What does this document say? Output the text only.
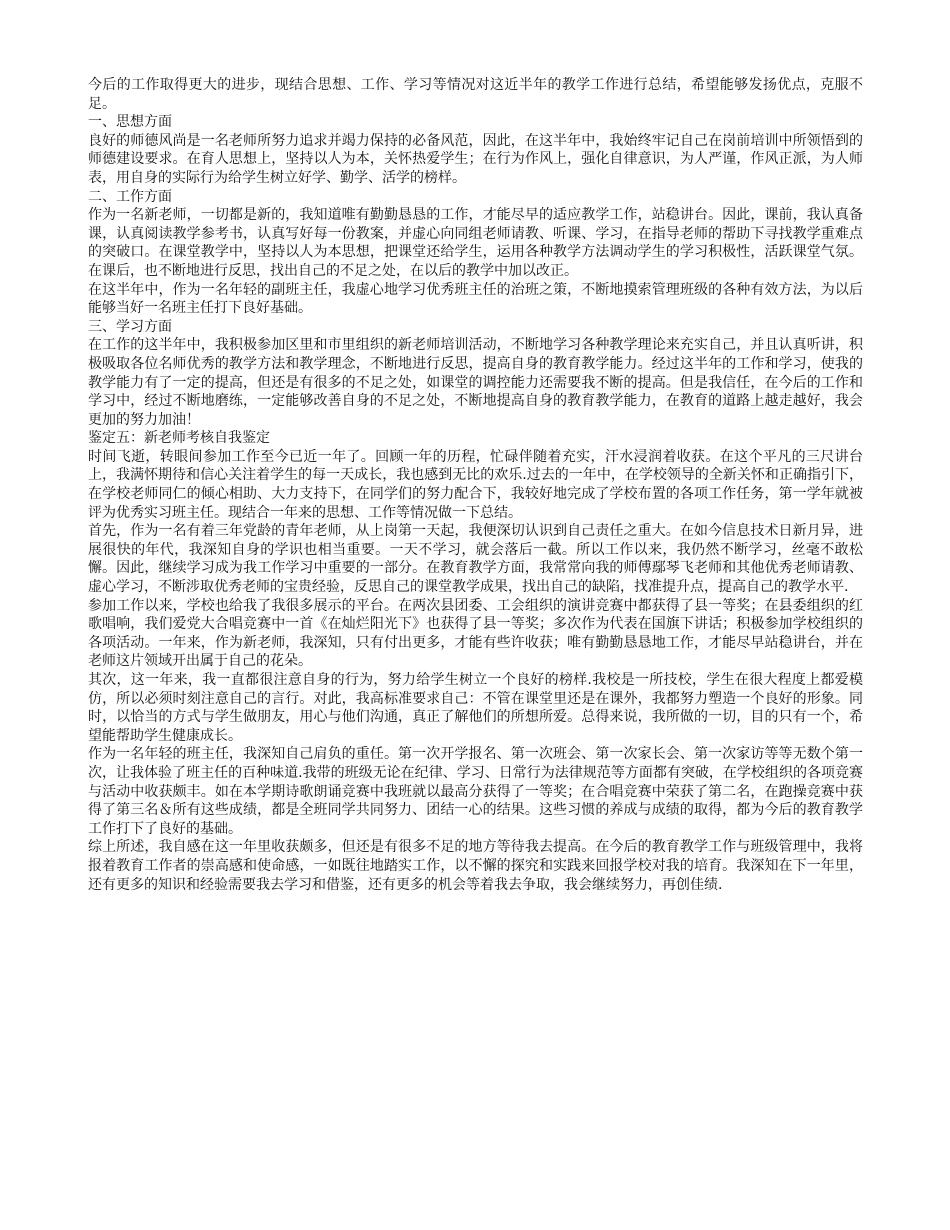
今后的工作取得更大的进步，现结合思想、工作、学习等情况对这近半年的教学工作进行总结，希望能够发扬优点，克服不足。

一、思想方面

良好的师德风尚是一名老师所努力追求并竭力保持的必备风范，因此，在这半年中，我始终牢记自己在岗前培训中所领悟到的师德建设要求。在育人思想上，坚持以人为本，关怀热爱学生；在行为作风上，强化自律意识，为人严谨，作风正派，为人师表，用自身的实际行为给学生树立好学、勤学、活学的榜样。

二、工作方面

作为一名新老师，一切都是新的，我知道唯有勤勤恳恳的工作，才能尽早的适应教学工作，站稳讲台。因此，课前，我认真备课，认真阅读教学参考书，认真写好每一份教案，并虚心向同组老师请教、听课、学习，在指导老师的帮助下寻找教学重难点的突破口。在课堂教学中，坚持以人为本思想，把课堂还给学生，运用各种教学方法调动学生的学习积极性，活跃课堂气氛。在课后，也不断地进行反思，找出自己的不足之处，在以后的教学中加以改正。

在这半年中，作为一名年轻的副班主任，我虚心地学习优秀班主任的治班之策，不断地摸索管理班级的各种有效方法，为以后能够当好一名班主任打下良好基础。

三、学习方面

在工作的这半年中，我积极参加区里和市里组织的新老师培训活动，不断地学习各种教学理论来充实自己，并且认真听讲，积极吸取各位名师优秀的教学方法和教学理念，不断地进行反思，提高自身的教育教学能力。经过这半年的工作和学习，使我的教学能力有了一定的提高，但还是有很多的不足之处，如课堂的调控能力还需要我不断的提高。但是我信任，在今后的工作和学习中，经过不断地磨练，一定能够改善自身的不足之处，不断地提高自身的教育教学能力，在教育的道路上越走越好，我会更加的努力加油！

鉴定五：新老师考核自我鉴定

时间飞逝，转眼间参加工作至今已近一年了。回顾一年的历程，忙碌伴随着充实，汗水浸润着收获。在这个平凡的三尺讲台上，我满怀期待和信心关注着学生的每一天成长，我也感到无比的欢乐.过去的一年中，在学校领导的全新关怀和正确指引下，在学校老师同仁的倾心相助、大力支持下，在同学们的努力配合下，我较好地完成了学校布置的各项工作任务，第一学年就被评为优秀实习班主任。现结合一年来的思想、工作等情况做一下总结。

首先，作为一名有着三年党龄的青年老师，从上岗第一天起，我便深切认识到自己责任之重大。在如今信息技术日新月异，进展很快的年代，我深知自身的学识也相当重要。一天不学习，就会落后一截。所以工作以来，我仍然不断学习，丝毫不敢松懈。因此，继续学习成为我工作学习中重要的一部分。在教育教学方面，我常常向我的师傅鄢琴飞老师和其他优秀老师请教、虚心学习，不断涉取优秀老师的宝贵经验，反思自己的课堂教学成果，找出自己的缺陷，找准提升点，提高自己的教学水平.

参加工作以来，学校也给我了我很多展示的平台。在两次县团委、工会组织的演讲竞赛中都获得了县一等奖；在县委组织的红歌唱响，我们爱党大合唱竞赛中一首《在灿烂阳光下》也获得了县一等奖；多次作为代表在国旗下讲话；积极参加学校组织的各项活动。一年来，作为新老师，我深知，只有付出更多，才能有些许收获；唯有勤勤恳恳地工作，才能尽早站稳讲台，并在老师这片领域开出属于自己的花朵。

其次，这一年来，我一直都很注意自身的行为，努力给学生树立一个良好的榜样.我校是一所技校，学生在很大程度上都爱模仿，所以必须时刻注意自己的言行。对此，我高标准要求自己：不管在课堂里还是在课外，我都努力塑造一个良好的形象。同时，以恰当的方式与学生做朋友，用心与他们沟通，真正了解他们的所想所爱。总得来说，我所做的一切，目的只有一个，希望能帮助学生健康成长。

作为一名年轻的班主任，我深知自己肩负的重任。第一次开学报名、第一次班会、第一次家长会、第一次家访等等无数个第一次，让我体验了班主任的百种味道.我带的班级无论在纪律、学习、日常行为法律规范等方面都有突破，在学校组织的各项竞赛与活动中收获颇丰。如在本学期诗歌朗诵竞赛中我班就以最高分获得了一等奖；在合唱竞赛中荣获了第二名，在跑操竞赛中获得了第三名＆所有这些成绩，都是全班同学共同努力、团结一心的结果。这些习惯的养成与成绩的取得，都为今后的教育教学工作打下了良好的基础。

综上所述，我自感在这一年里收获颇多，但还是有很多不足的地方等待我去提高。在今后的教育教学工作与班级管理中，我将报着教育工作者的崇高感和使命感，一如既往地踏实工作，以不懈的探究和实践来回报学校对我的培育。我深知在下一年里，还有更多的知识和经验需要我去学习和借鉴，还有更多的机会等着我去争取，我会继续努力，再创佳绩.
